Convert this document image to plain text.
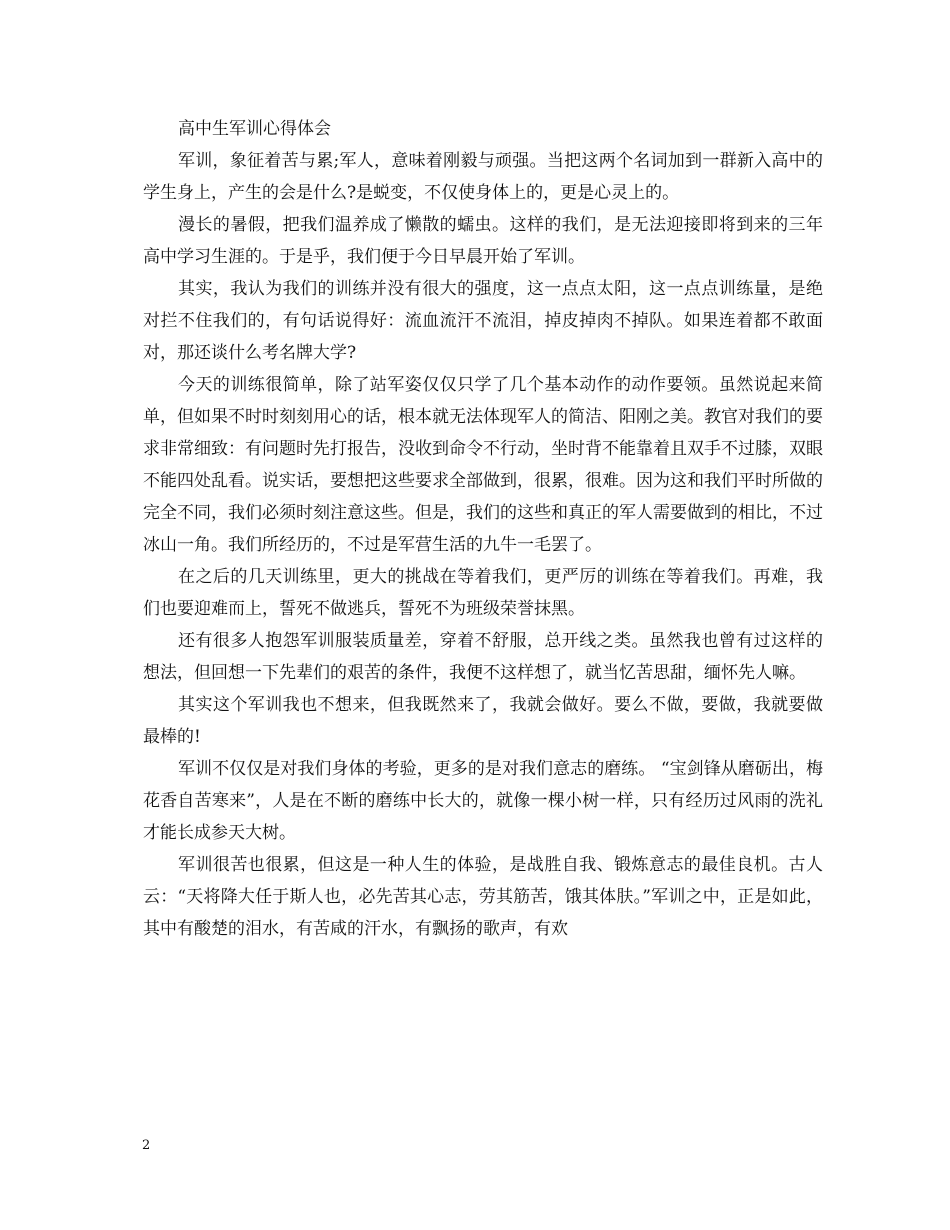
高中生军训心得体会

军训，象征着苦与累;军人，意味着刚毅与顽强。当把这两个名词加到一群新入高中的学生身上，产生的会是什么?是蜕变，不仅使身体上的，更是心灵上的。

漫长的暑假，把我们温养成了懒散的蠕虫。这样的我们，是无法迎接即将到来的三年高中学习生涯的。于是乎，我们便于今日早晨开始了军训。

其实，我认为我们的训练并没有很大的强度，这一点点太阳，这一点点训练量，是绝对拦不住我们的，有句话说得好：流血流汗不流泪，掉皮掉肉不掉队。如果连着都不敢面对，那还谈什么考名牌大学?

今天的训练很简单，除了站军姿仅仅只学了几个基本动作的动作要领。虽然说起来简单，但如果不时时刻刻用心的话，根本就无法体现军人的简洁、阳刚之美。教官对我们的要求非常细致：有问题时先打报告，没收到命令不行动，坐时背不能靠着且双手不过膝，双眼不能四处乱看。说实话，要想把这些要求全部做到，很累，很难。因为这和我们平时所做的完全不同，我们必须时刻注意这些。但是，我们的这些和真正的军人需要做到的相比，不过冰山一角。我们所经历的，不过是军营生活的九牛一毛罢了。

在之后的几天训练里，更大的挑战在等着我们，更严厉的训练在等着我们。再难，我们也要迎难而上，誓死不做逃兵，誓死不为班级荣誉抹黑。

还有很多人抱怨军训服装质量差，穿着不舒服，总开线之类。虽然我也曾有过这样的想法，但回想一下先辈们的艰苦的条件，我便不这样想了，就当忆苦思甜，缅怀先人嘛。

其实这个军训我也不想来，但我既然来了，我就会做好。要么不做，要做，我就要做最棒的!

军训不仅仅是对我们身体的考验，更多的是对我们意志的磨练。 “宝剑锋从磨砺出，梅花香自苦寒来”，人是在不断的磨练中长大的，就像一棵小树一样，只有经历过风雨的洗礼才能长成参天大树。

军训很苦也很累，但这是一种人生的体验，是战胜自我、锻炼意志的最佳良机。古人云：“天将降大任于斯人也，必先苦其心志，劳其筋苦，饿其体肤。”军训之中，正是如此，其中有酸楚的泪水，有苦咸的汗水，有飘扬的歌声，有欢

2
